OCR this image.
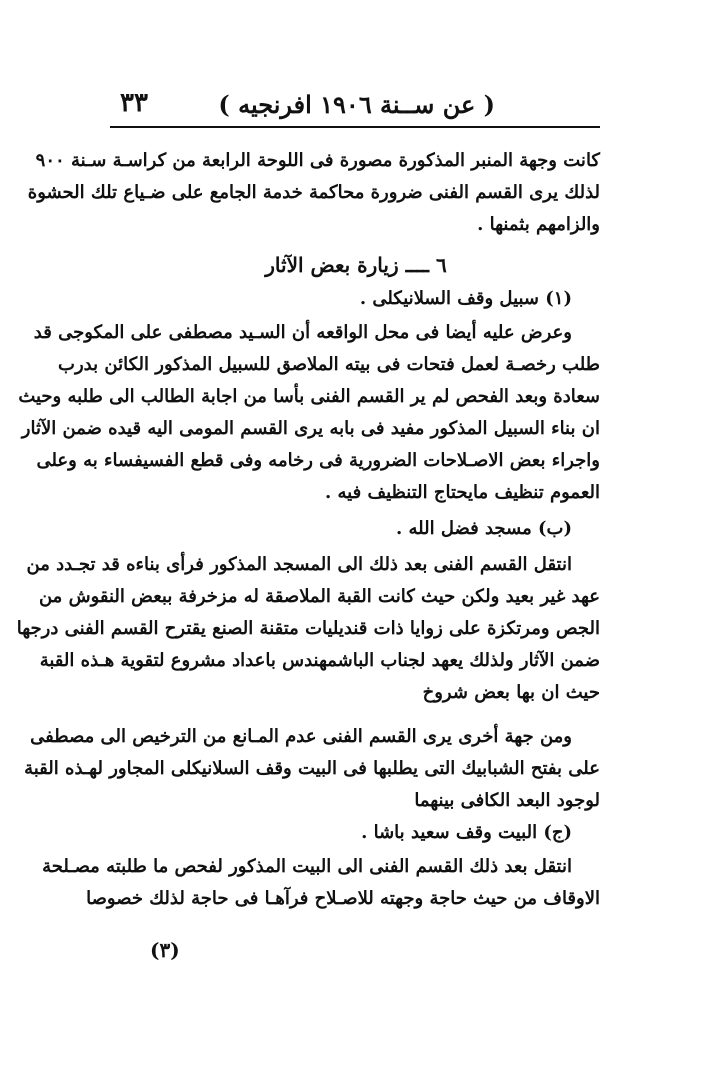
( عن ســنة ١٩٠٦ افرنجيه )
٣٣
كانت وجهة المنبر المذكورة مصورة فى اللوحة الرابعة من كراسـة سـنة ٩٠٠
لذلك يرى القسم الفنى ضرورة محاكمة خدمة الجامع على ضـياع تلك الحشوة
والزامهم بثمنها .
٦ ــــ زيارة بعض الآثار
(١) سبيل وقف السلانيكلى .
وعرض عليه أيضا فى محل الواقعه أن السـيد مصطفى على المكوجى قد
طلب رخصـة لعمل فتحات فى بيته الملاصق للسبيل المذكور الكائن بدرب
سعادة وبعد الفحص لم ير القسم الفنى بأسا من اجابة الطالب الى طلبه وحيث
ان بناء السبيل المذكور مفيد فى بابه يرى القسم المومى اليه قيده ضمن الآثار
واجراء بعض الاصـلاحات الضرورية فى رخامه وفى قطع الفسيفساء به وعلى
العموم تنظيف مايحتاج التنظيف فيه .
(ب) مسجد فضل الله .
انتقل القسم الفنى بعد ذلك الى المسجد المذكور فرأى بناءه قد تجـدد من
عهد غير بعيد ولكن حيث كانت القبة الملاصقة له مزخرفة ببعض النقوش من
الجص ومرتكزة على زوايا ذات قنديليات متقنة الصنع يقترح القسم الفنى درجها
ضمن الآثار ولذلك يعهد لجناب الباشمهندس باعداد مشروع لتقوية هـذه القبة
حيث ان بها بعض شروخ
ومن جهة أخرى يرى القسم الفنى عدم المـانع من الترخيص الى مصطفى
على بفتح الشبابيك التى يطلبها فى البيت وقف السلانيكلى المجاور لهـذه القبة
لوجود البعد الكافى بينهما
(ج) البيت وقف سعيد باشا .
انتقل بعد ذلك القسم الفنى الى البيت المذكور لفحص ما طلبته مصـلحة
الاوقاف من حيث حاجة وجهته للاصـلاح فرآهـا فى حاجة لذلك خصوصا
(٣)
